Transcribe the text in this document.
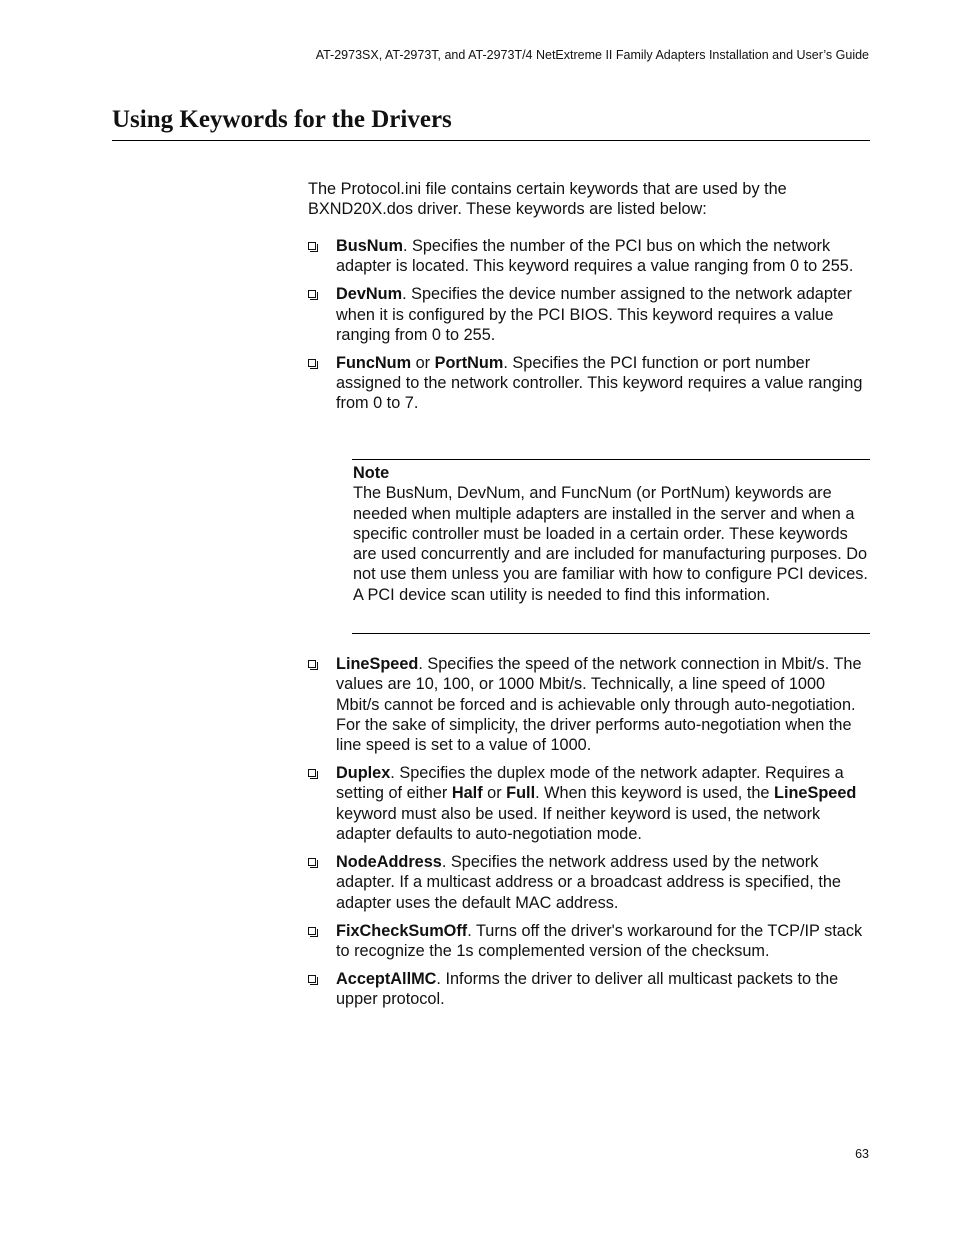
AT-2973SX, AT-2973T, and AT-2973T/4 NetExtreme II Family Adapters Installation and User’s Guide
Using Keywords for the Drivers

The Protocol.ini file contains certain keywords that are used by the BXND20X.dos driver. These keywords are listed below:

BusNum. Specifies the number of the PCI bus on which the network adapter is located. This keyword requires a value ranging from 0 to 255.
DevNum. Specifies the device number assigned to the network adapter when it is configured by the PCI BIOS. This keyword requires a value ranging from 0 to 255.
FuncNum or PortNum. Specifies the PCI function or port number assigned to the network controller. This keyword requires a value ranging from 0 to 7.
Note
The BusNum, DevNum, and FuncNum (or PortNum) keywords are needed when multiple adapters are installed in the server and when a specific controller must be loaded in a certain order. These keywords are used concurrently and are included for manufacturing purposes. Do not use them unless you are familiar with how to configure PCI devices. A PCI device scan utility is needed to find this information.
LineSpeed. Specifies the speed of the network connection in Mbit/s. The values are 10, 100, or 1000 Mbit/s. Technically, a line speed of 1000 Mbit/s cannot be forced and is achievable only through auto-negotiation. For the sake of simplicity, the driver performs auto-negotiation when the line speed is set to a value of 1000.
Duplex. Specifies the duplex mode of the network adapter. Requires a setting of either Half or Full. When this keyword is used, the LineSpeed keyword must also be used. If neither keyword is used, the network adapter defaults to auto-negotiation mode.
NodeAddress. Specifies the network address used by the network adapter. If a multicast address or a broadcast address is specified, the adapter uses the default MAC address.
FixCheckSumOff. Turns off the driver's workaround for the TCP/IP stack to recognize the 1s complemented version of the checksum.
AcceptAllMC. Informs the driver to deliver all multicast packets to the upper protocol.
63
